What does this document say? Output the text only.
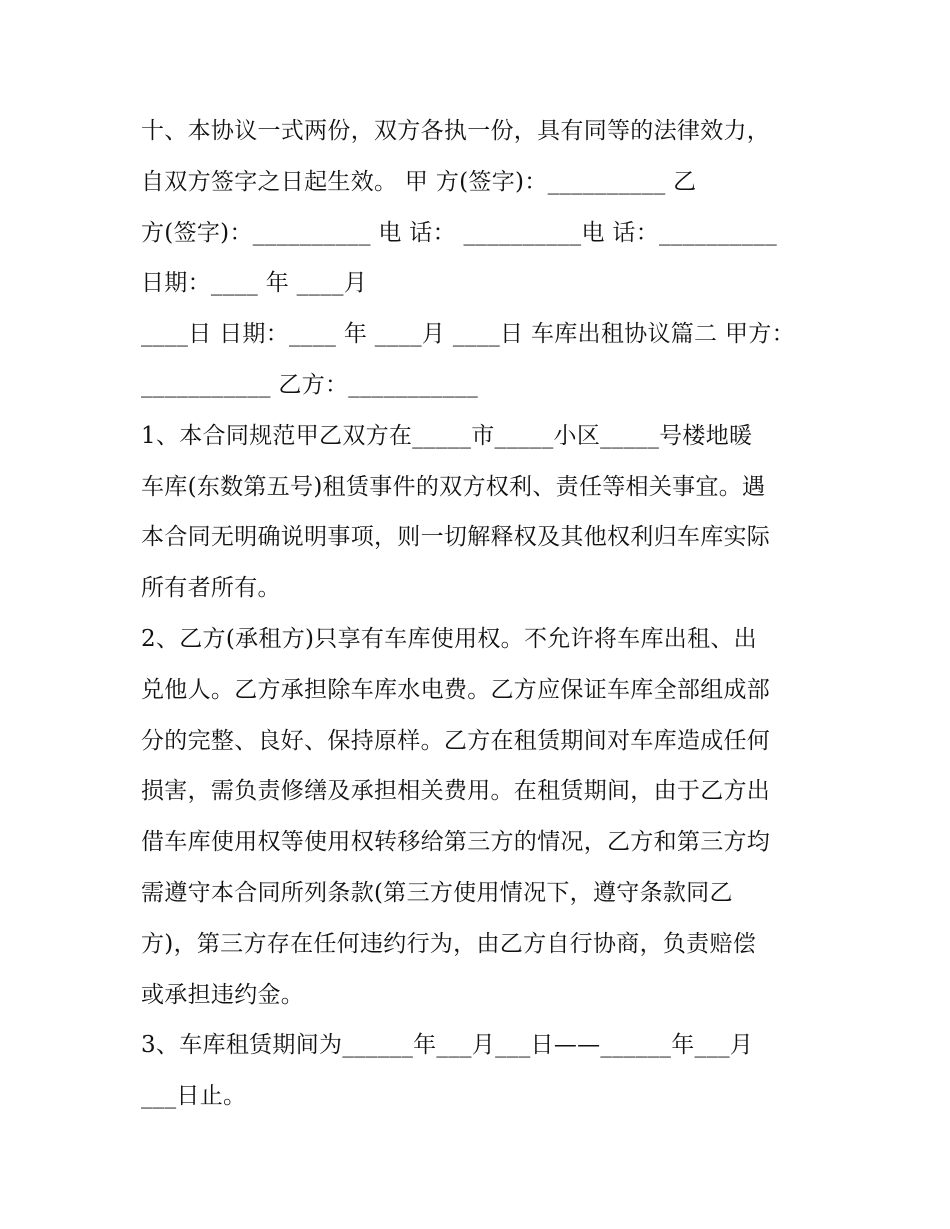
十、本协议一式两份，双方各执一份，具有同等的法律效力，
自双方签字之日起生效。 甲 方(签字)：__________ 乙
方(签字)：__________ 电 话： __________电 话：__________
日期：____ 年 ____月
____日 日期：____ 年 ____月 ____日 车库出租协议篇二 甲方：
___________ 乙方：___________
1、本合同规范甲乙双方在_____市_____小区_____号楼地暖
车库(东数第五号)租赁事件的双方权利、责任等相关事宜。遇
本合同无明确说明事项，则一切解释权及其他权利归车库实际
所有者所有。
2、乙方(承租方)只享有车库使用权。不允许将车库出租、出
兑他人。乙方承担除车库水电费。乙方应保证车库全部组成部
分的完整、良好、保持原样。乙方在租赁期间对车库造成任何
损害，需负责修缮及承担相关费用。在租赁期间，由于乙方出
借车库使用权等使用权转移给第三方的情况，乙方和第三方均
需遵守本合同所列条款(第三方使用情况下，遵守条款同乙
方)，第三方存在任何违约行为，由乙方自行协商，负责赔偿
或承担违约金。
3、车库租赁期间为______年___月___日——______年___月
___日止。
